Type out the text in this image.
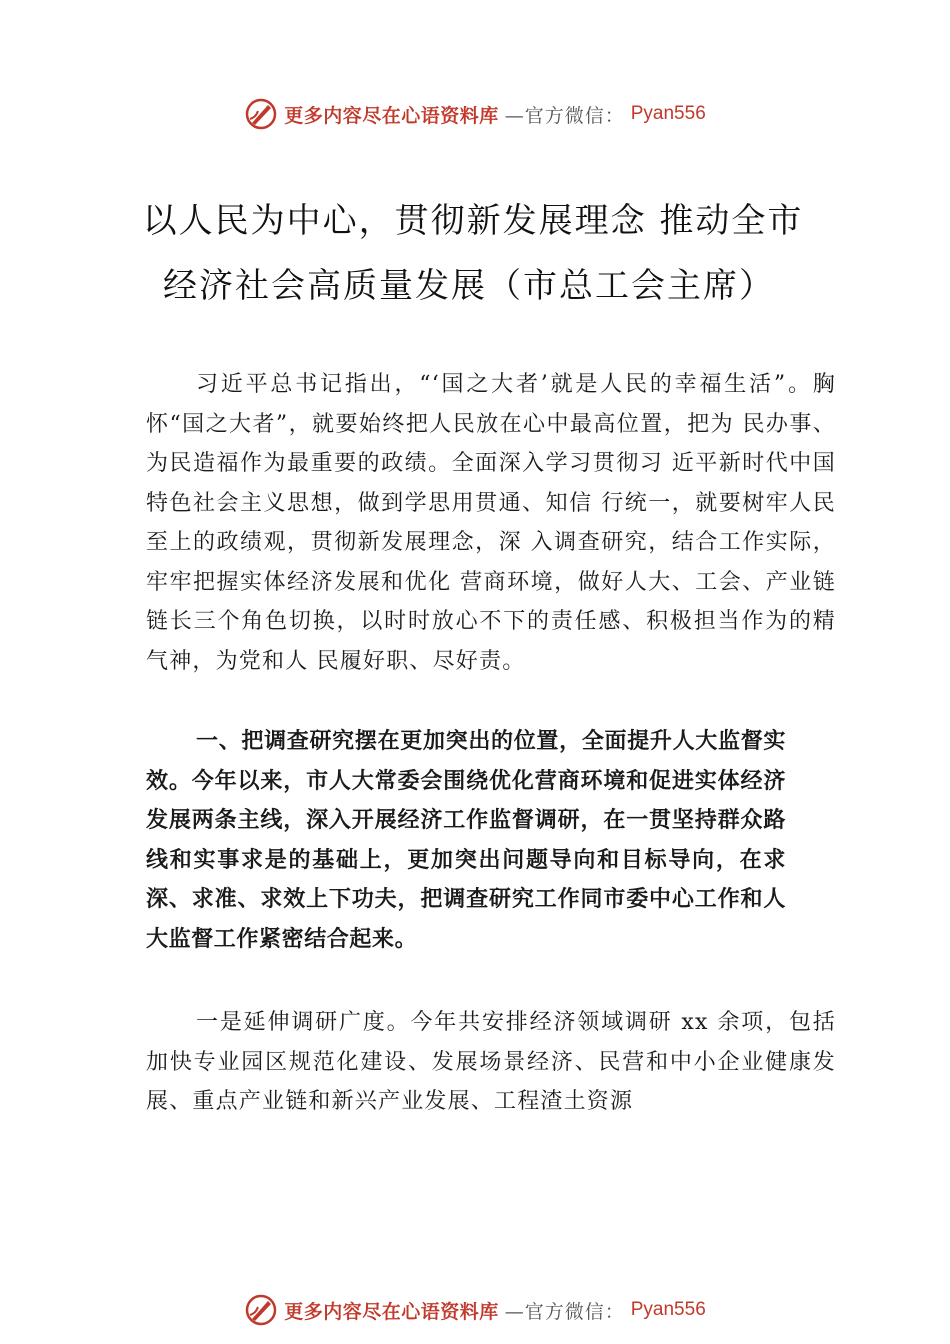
更多内容尽在心语资料库 —官方微信： Pyan556
以人民为中心，贯彻新发展理念 推动全市
经济社会高质量发展（市总工会主席）

习近平总书记指出，“‘国之大者’就是人民的幸福生活”。胸怀“国之大者”，就要始终把人民放在心中最高位置，把为 民办事、为民造福作为最重要的政绩。全面深入学习贯彻习 近平新时代中国特色社会主义思想，做到学思用贯通、知信 行统一，就要树牢人民至上的政绩观，贯彻新发展理念，深 入调查研究，结合工作实际，牢牢把握实体经济发展和优化 营商环境，做好人大、工会、产业链链长三个角色切换，以时时放心不下的责任感、积极担当作为的精气神，为党和人 民履好职、尽好责。

一、把调查研究摆在更加突出的位置，全面提升人大监督实效。今年以来，市人大常委会围绕优化营商环境和促进实体经济发展两条主线，深入开展经济工作监督调研，在一贯坚持群众路线和实事求是的基础上，更加突出问题导向和目标导向，在求深、求准、求效上下功夫，把调查研究工作同市委中心工作和人大监督工作紧密结合起来。

一是延伸调研广度。今年共安排经济领域调研 xx 余项，包括加快专业园区规范化建设、发展场景经济、民营和中小企业健康发展、重点产业链和新兴产业发展、工程渣土资源

更多内容尽在心语资料库 —官方微信： Pyan556
